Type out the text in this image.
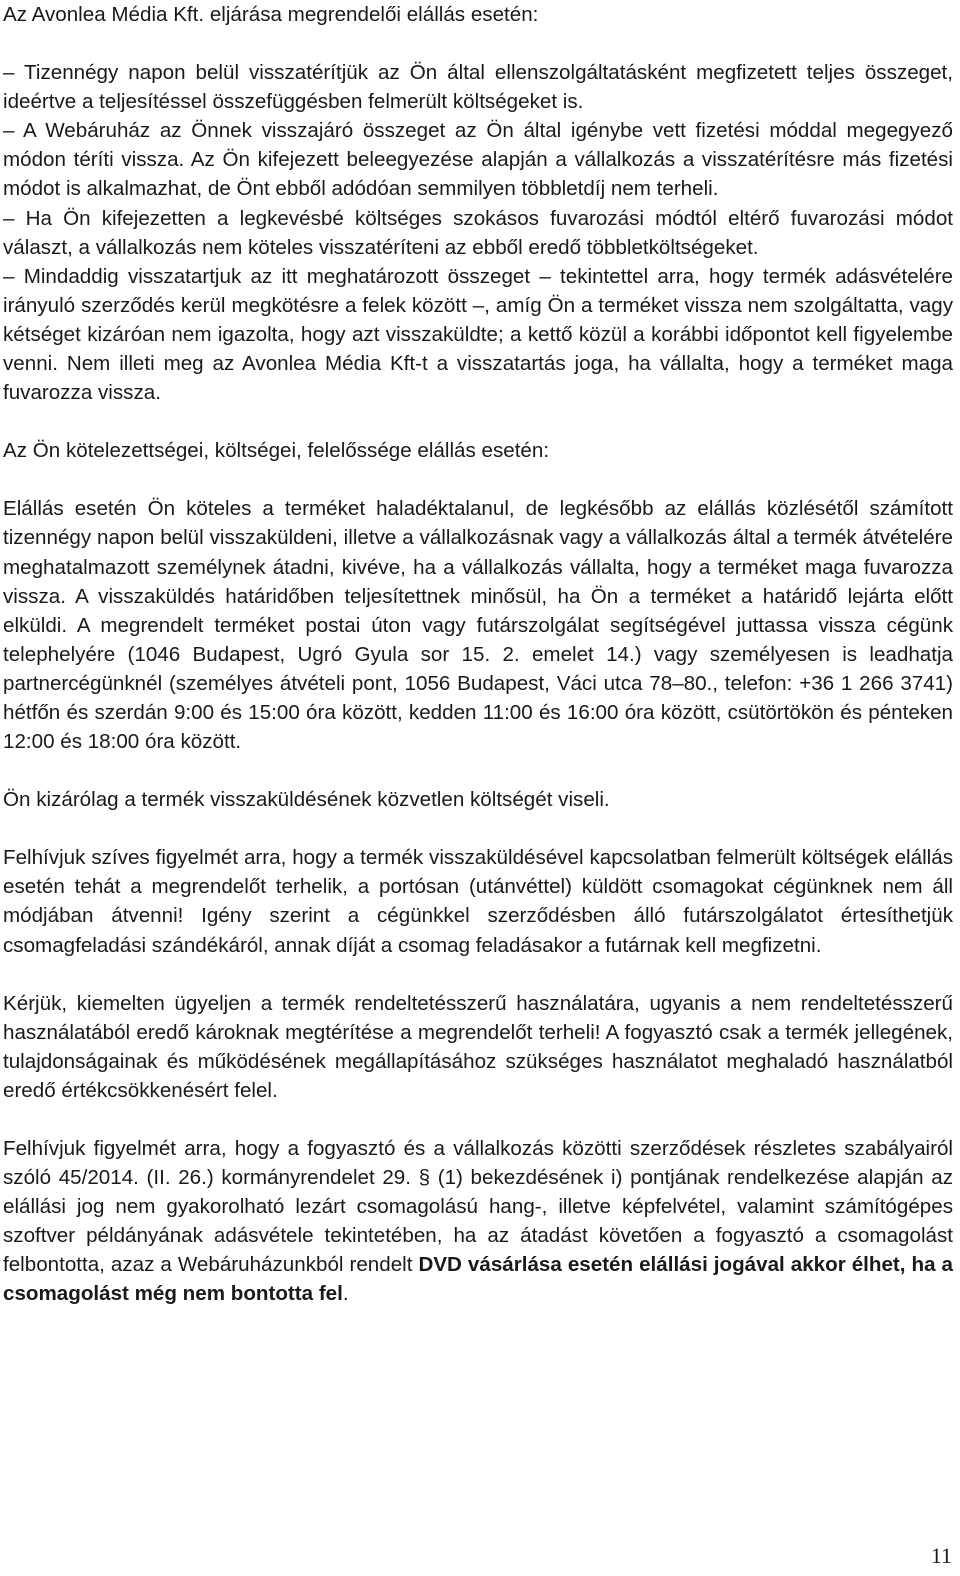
Az Avonlea Média Kft. eljárása megrendelői elállás esetén:

– Tizennégy napon belül visszatérítjük az Ön által ellenszolgáltatásként megfizetett teljes összeget, ideértve a teljesítéssel összefüggésben felmerült költségeket is.

– A Webáruház az Önnek visszajáró összeget az Ön által igénybe vett fizetési móddal megegyező módon téríti vissza. Az Ön kifejezett beleegyezése alapján a vállalkozás a visszatérítésre más fizetési módot is alkalmazhat, de Önt ebből adódóan semmilyen többletdíj nem terheli.

– Ha Ön kifejezetten a legkevésbé költséges szokásos fuvarozási módtól eltérő fuvarozási módot választ, a vállalkozás nem köteles visszatéríteni az ebből eredő többletköltségeket.

– Mindaddig visszatartjuk az itt meghatározott összeget – tekintettel arra, hogy termék adásvételére irányuló szerződés kerül megkötésre a felek között –, amíg Ön a terméket vissza nem szolgáltatta, vagy kétséget kizáróan nem igazolta, hogy azt visszaküldte; a kettő közül a korábbi időpontot kell figyelembe venni. Nem illeti meg az Avonlea Média Kft-t a visszatartás joga, ha vállalta, hogy a terméket maga fuvarozza vissza.

Az Ön kötelezettségei, költségei, felelőssége elállás esetén:

Elállás esetén Ön köteles a terméket haladéktalanul, de legkésőbb az elállás közlésétől számított tizennégy napon belül visszaküldeni, illetve a vállalkozásnak vagy a vállalkozás által a termék átvételére meghatalmazott személynek átadni, kivéve, ha a vállalkozás vállalta, hogy a terméket maga fuvarozza vissza. A visszaküldés határidőben teljesítettnek minősül, ha Ön a terméket a határidő lejárta előtt elküldi. A megrendelt terméket postai úton vagy futárszolgálat segítségével juttassa vissza cégünk telephelyére (1046 Budapest, Ugró Gyula sor 15. 2. emelet 14.) vagy személyesen is leadhatja partnercégünknél (személyes átvételi pont, 1056 Budapest, Váci utca 78–80., telefon: +36 1 266 3741) hétfőn és szerdán 9:00 és 15:00 óra között, kedden 11:00 és 16:00 óra között, csütörtökön és pénteken 12:00 és 18:00 óra között.

Ön kizárólag a termék visszaküldésének közvetlen költségét viseli.

Felhívjuk szíves figyelmét arra, hogy a termék visszaküldésével kapcsolatban felmerült költségek elállás esetén tehát a megrendelőt terhelik, a portósan (utánvéttel) küldött csomagokat cégünknek nem áll módjában átvenni! Igény szerint a cégünkkel szerződésben álló futárszolgálatot értesíthetjük csomagfeladási szándékáról, annak díját a csomag feladásakor a futárnak kell megfizetni.

Kérjük, kiemelten ügyeljen a termék rendeltetésszerű használatára, ugyanis a nem rendeltetésszerű használatából eredő károknak megtérítése a megrendelőt terheli! A fogyasztó csak a termék jellegének, tulajdonságainak és működésének megállapításához szükséges használatot meghaladó használatból eredő értékcsökkenésért felel.

Felhívjuk figyelmét arra, hogy a fogyasztó és a vállalkozás közötti szerződések részletes szabályairól szóló 45/2014. (II. 26.) kormányrendelet 29. § (1) bekezdésének i) pontjának rendelkezése alapján az elállási jog nem gyakorolható lezárt csomagolású hang-, illetve képfelvétel, valamint számítógépes szoftver példányának adásvétele tekintetében, ha az átadást követően a fogyasztó a csomagolást felbontotta, azaz a Webáruházunkból rendelt DVD vásárlása esetén elállási jogával akkor élhet, ha a csomagolást még nem bontotta fel.

11
